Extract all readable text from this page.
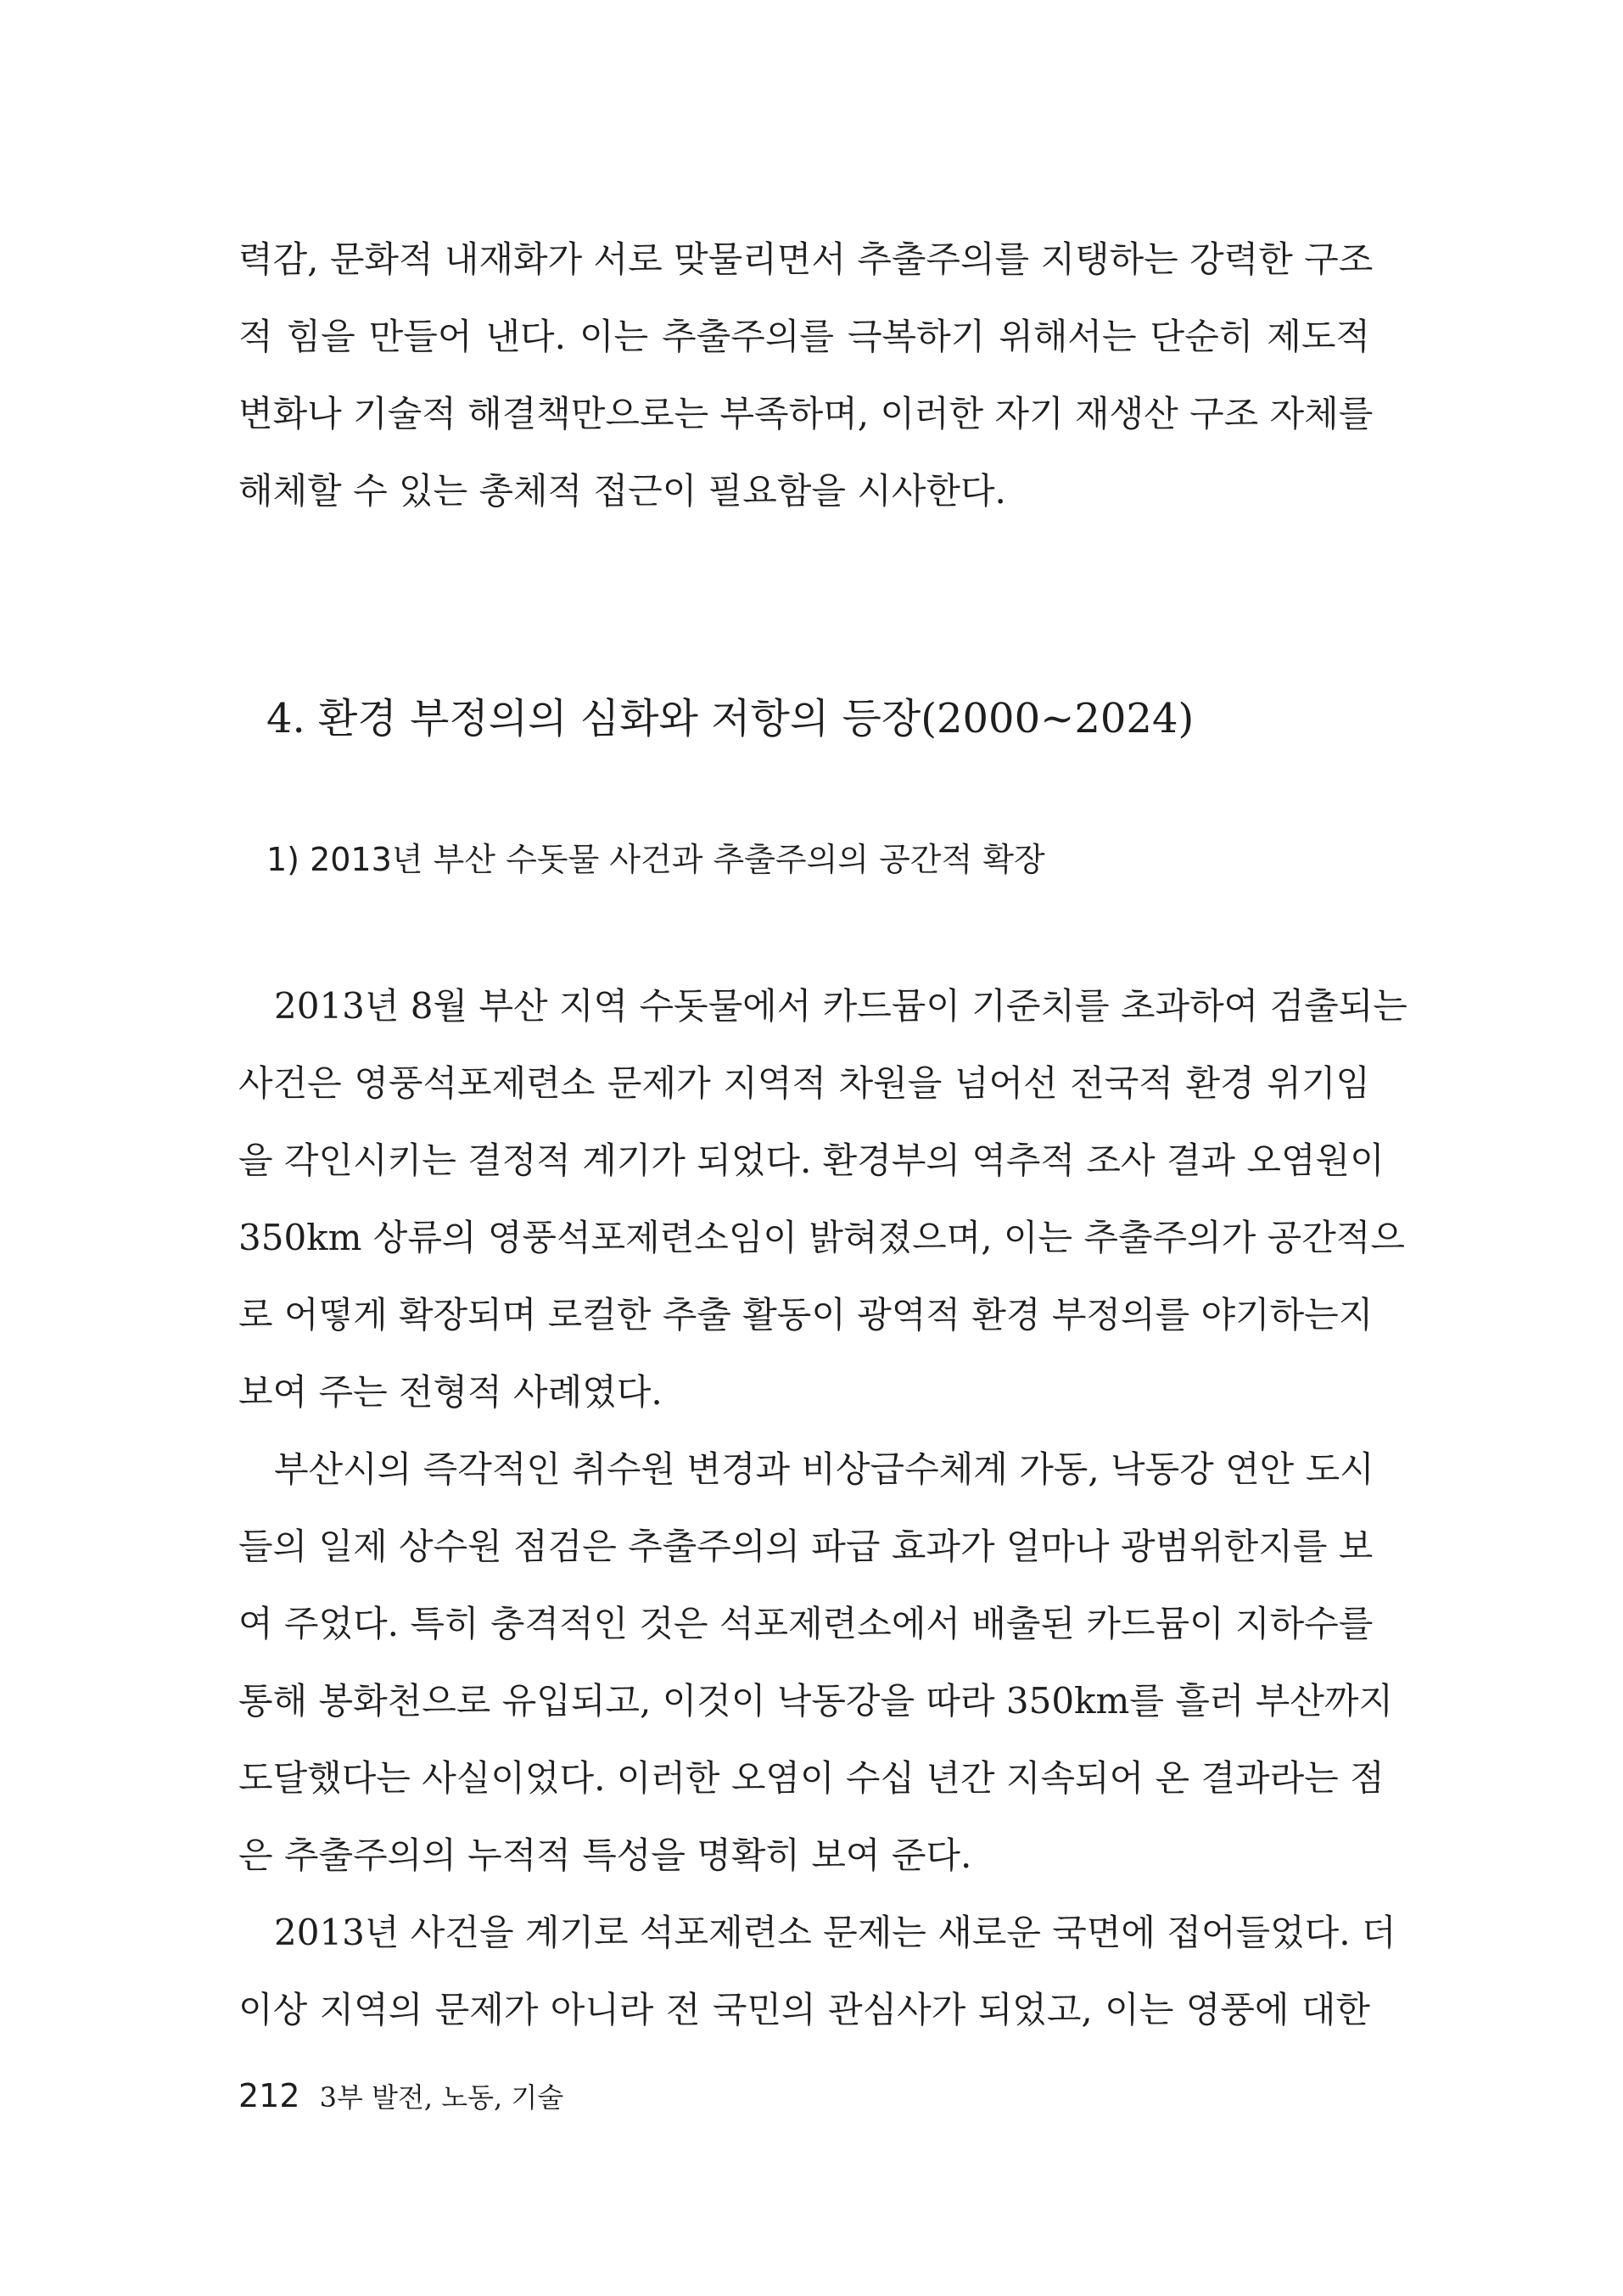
력감, 문화적 내재화가 서로 맞물리면서 추출주의를 지탱하는 강력한 구조
적 힘을 만들어 낸다. 이는 추출주의를 극복하기 위해서는 단순히 제도적
변화나 기술적 해결책만으로는 부족하며, 이러한 자기 재생산 구조 자체를
해체할 수 있는 총체적 접근이 필요함을 시사한다.
4. 환경 부정의의 심화와 저항의 등장(2000~2024)
1) 2013년 부산 수돗물 사건과 추출주의의 공간적 확장
2013년 8월 부산 지역 수돗물에서 카드뮴이 기준치를 초과하여 검출되는
사건은 영풍석포제련소 문제가 지역적 차원을 넘어선 전국적 환경 위기임
을 각인시키는 결정적 계기가 되었다. 환경부의 역추적 조사 결과 오염원이
350km 상류의 영풍석포제련소임이 밝혀졌으며, 이는 추출주의가 공간적으
로 어떻게 확장되며 로컬한 추출 활동이 광역적 환경 부정의를 야기하는지
보여 주는 전형적 사례였다.
부산시의 즉각적인 취수원 변경과 비상급수체계 가동, 낙동강 연안 도시
들의 일제 상수원 점검은 추출주의의 파급 효과가 얼마나 광범위한지를 보
여 주었다. 특히 충격적인 것은 석포제련소에서 배출된 카드뮴이 지하수를
통해 봉화천으로 유입되고, 이것이 낙동강을 따라 350km를 흘러 부산까지
도달했다는 사실이었다. 이러한 오염이 수십 년간 지속되어 온 결과라는 점
은 추출주의의 누적적 특성을 명확히 보여 준다.
2013년 사건을 계기로 석포제련소 문제는 새로운 국면에 접어들었다. 더
이상 지역의 문제가 아니라 전 국민의 관심사가 되었고, 이는 영풍에 대한
212 3부 발전, 노동, 기술
